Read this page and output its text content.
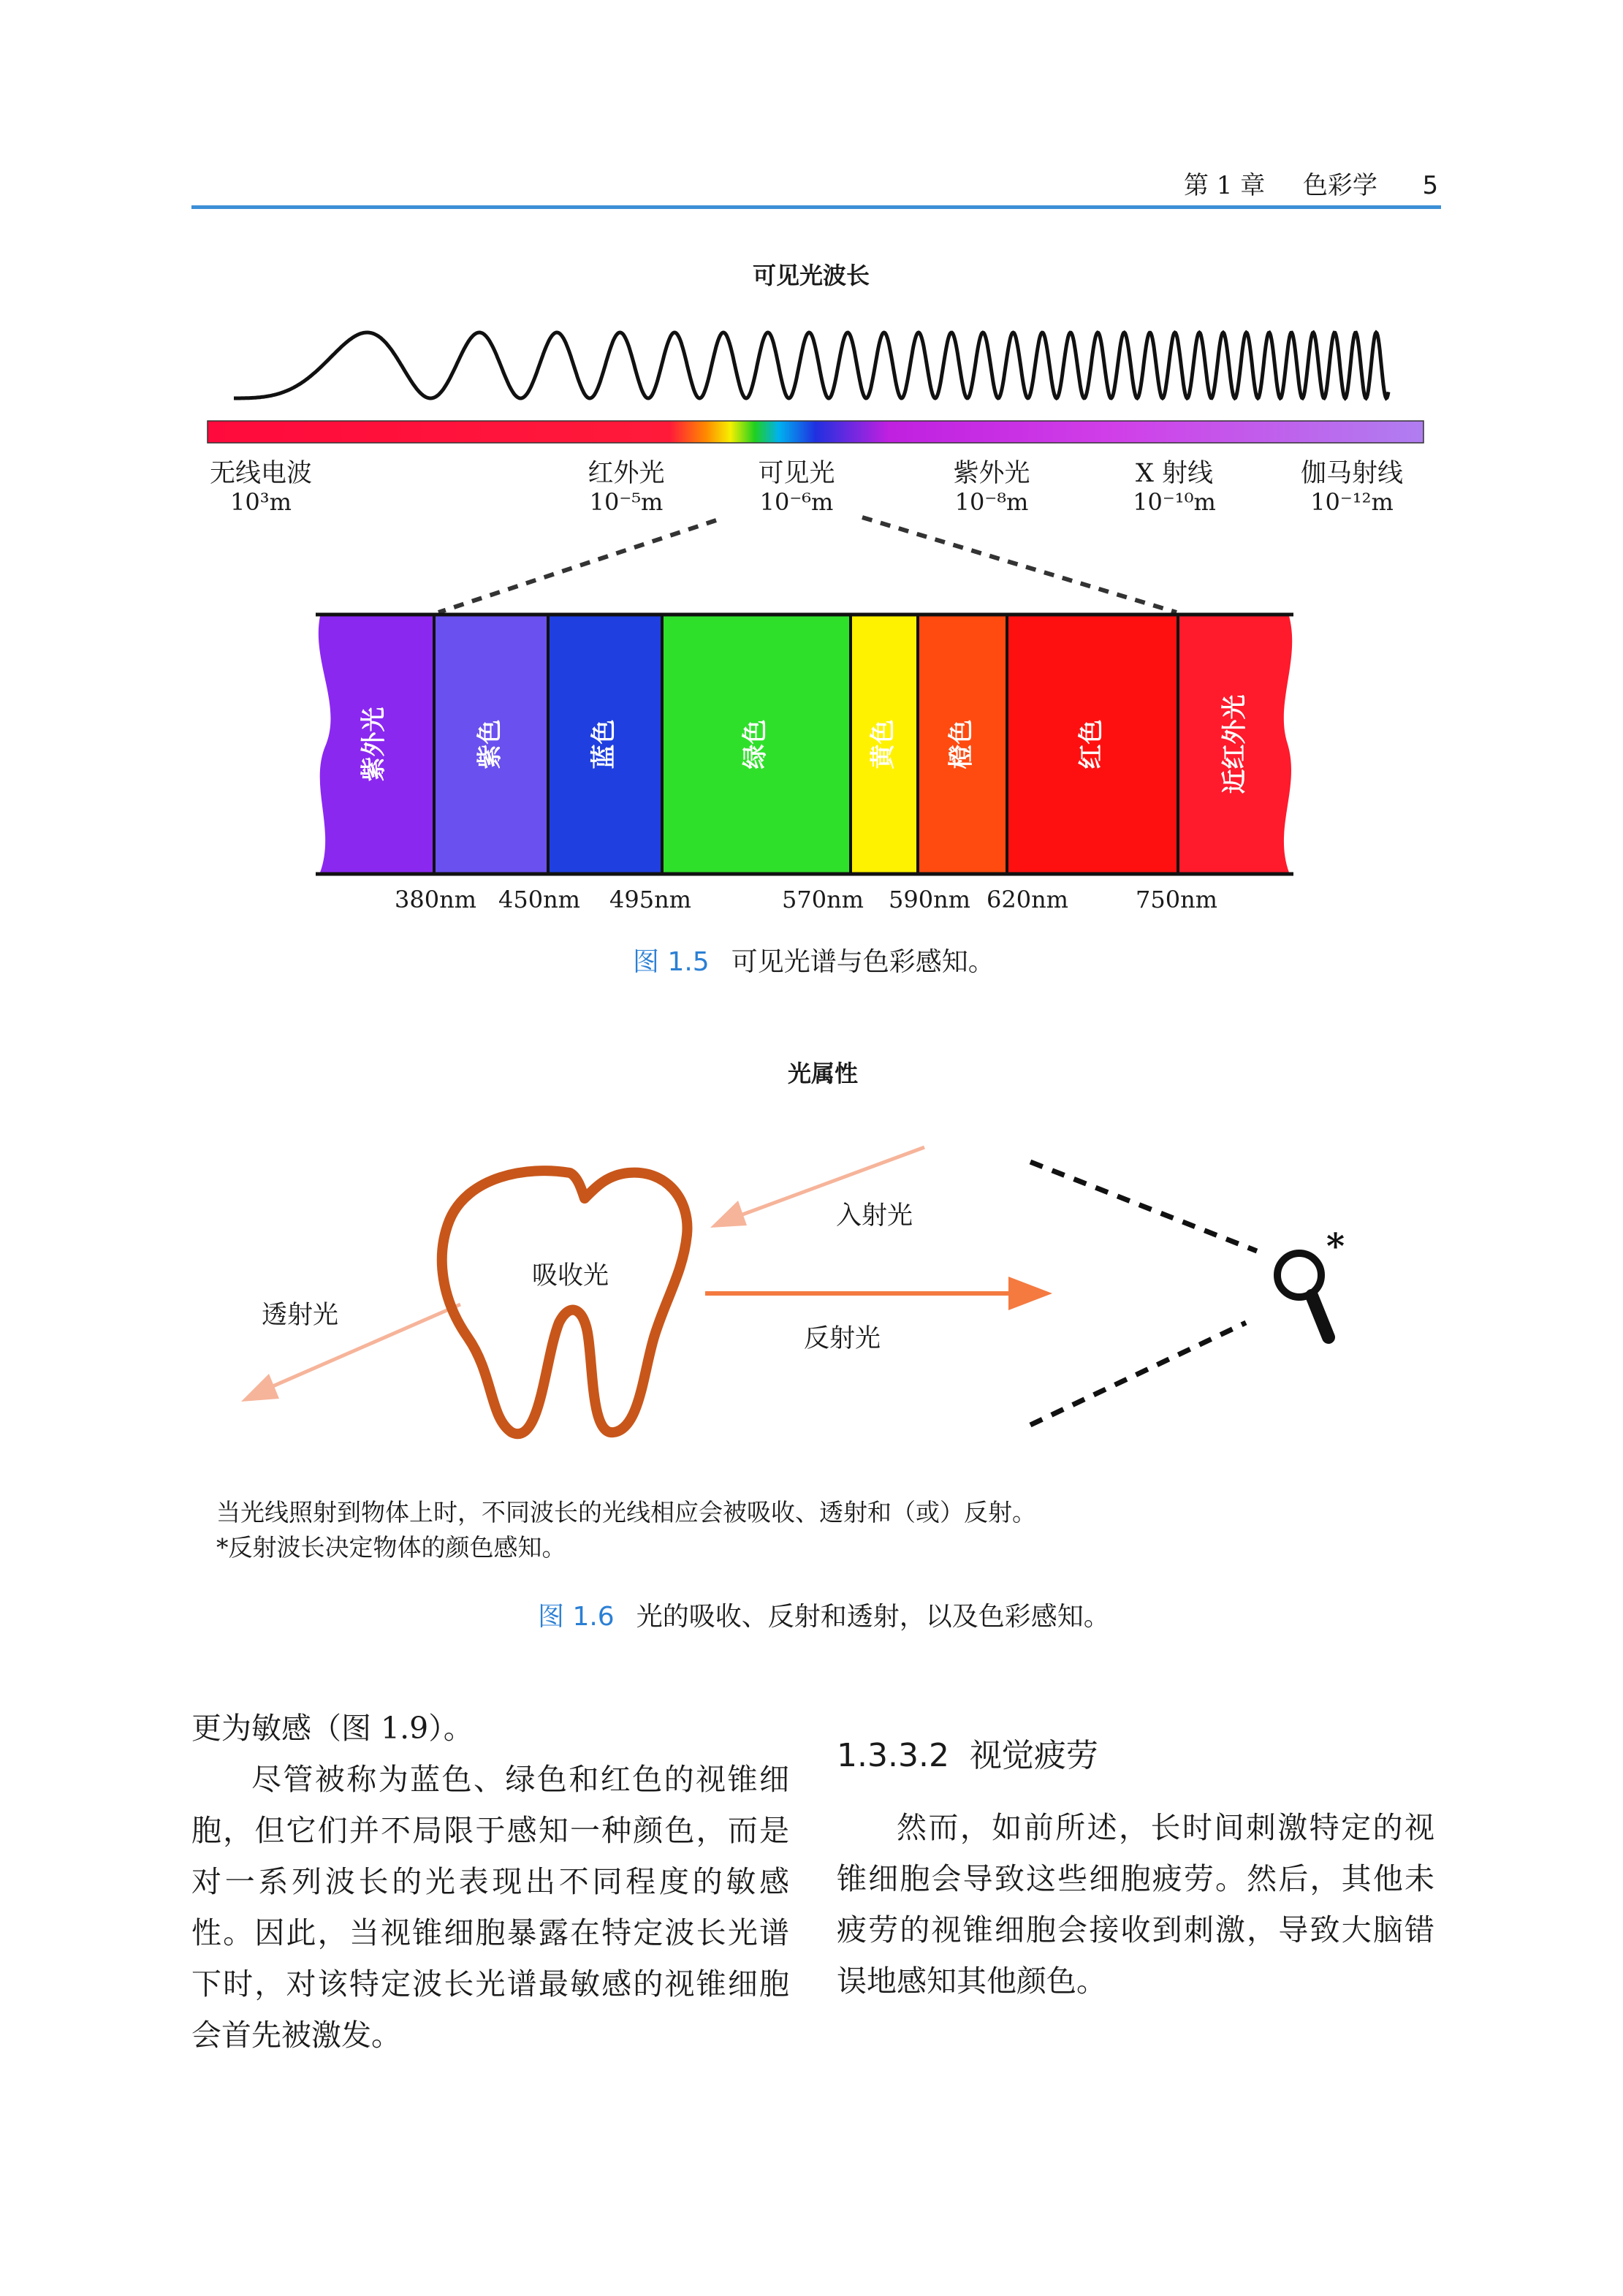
第 1 章 色彩学 5
可见光波长
紫外光	紫色	蓝色	绿色	黄色 橙色	红色	近红外光
无线电波
10³m
红外光
10⁻⁵m
可见光
10⁻⁶m
紫外光
10⁻⁸m
X 射线
10⁻¹⁰m
伽马射线
10⁻¹²m
380nm 450nm	495nm	570nm	590nm 620nm	750nm
图 1.5 可见光谱与色彩感知。
光属性
*
吸收光
入射光
透射光
反射光
当光线照射到物体上时，不同波长的光线相应会被吸收、透射和（或）反射。
*反射波长决定物体的颜色感知。
图 1.6 光的吸收、反射和透射，以及色彩感知。

更为敏感（图 1.9）。

尽管被称为蓝色、绿色和红色的视锥细胞，但它们并不局限于感知一种颜色，而是对一系列波长的光表现出不同程度的敏感性。因此，当视锥细胞暴露在特定波长光谱下时，对该特定波长光谱最敏感的视锥细胞会首先被激发。

1.3.3.2  视觉疲劳

然而，如前所述，长时间刺激特定的视锥细胞会导致这些细胞疲劳。然后，其他未疲劳的视锥细胞会接收到刺激，导致大脑错误地感知其他颜色。
